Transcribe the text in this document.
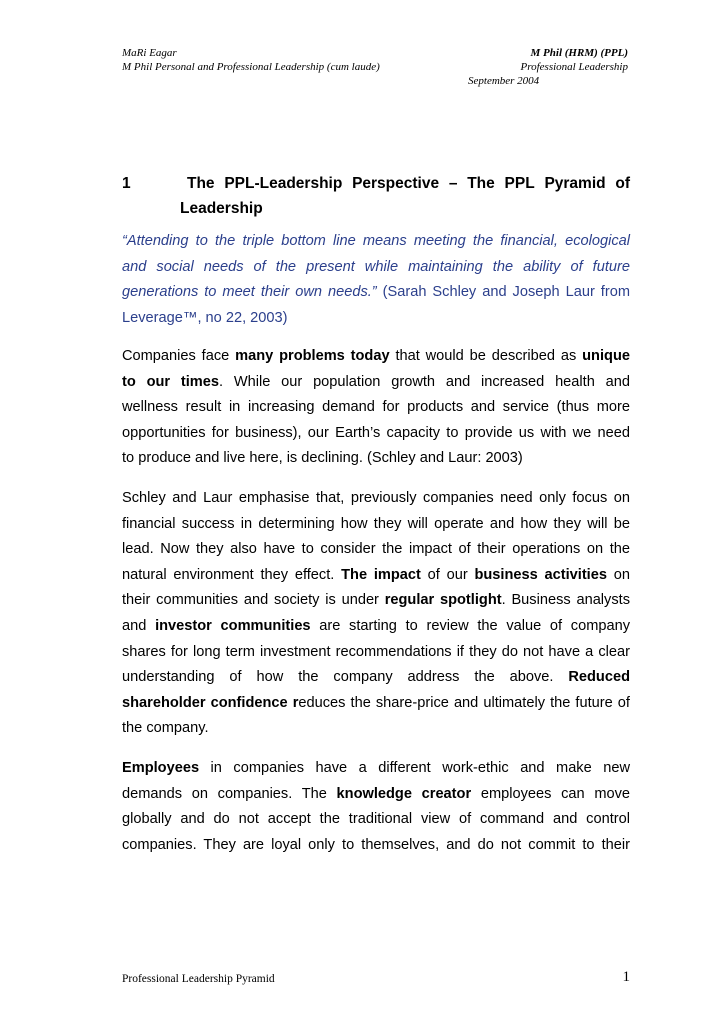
MaRi Eagar
M Phil Personal and Professional Leadership (cum laude)
M Phil (HRM) (PPL)
Professional Leadership
September 2004
1	The PPL-Leadership Perspective – The PPL Pyramid of
Leadership
“Attending to the triple bottom line means meeting the financial, ecological
and social needs of the present while maintaining the ability of future
generations to meet their own needs.” (Sarah Schley and Joseph Laur from
Leverage™, no 22, 2003)
Companies face many problems today that would be described as unique
to our times. While our population growth and increased health and
wellness result in increasing demand for products and service (thus more
opportunities for business), our Earth’s capacity to provide us with we need
to produce and live here, is declining. (Schley and Laur: 2003)
Schley and Laur emphasise that, previously companies need only focus on
financial success in determining how they will operate and how they will be
lead. Now they also have to consider the impact of their operations on the
natural environment they effect. The impact of our business activities on
their communities and society is under regular spotlight. Business analysts
and investor communities are starting to review the value of company
shares for long term investment recommendations if they do not have a clear
understanding of how the company address the above. Reduced
shareholder confidence reduces the share-price and ultimately the future of
the company.
Employees in companies have a different work-ethic and make new
demands on companies. The knowledge creator employees can move
globally and do not accept the traditional view of command and control
companies. They are loyal only to themselves, and do not commit to their
Professional Leadership Pyramid	1
